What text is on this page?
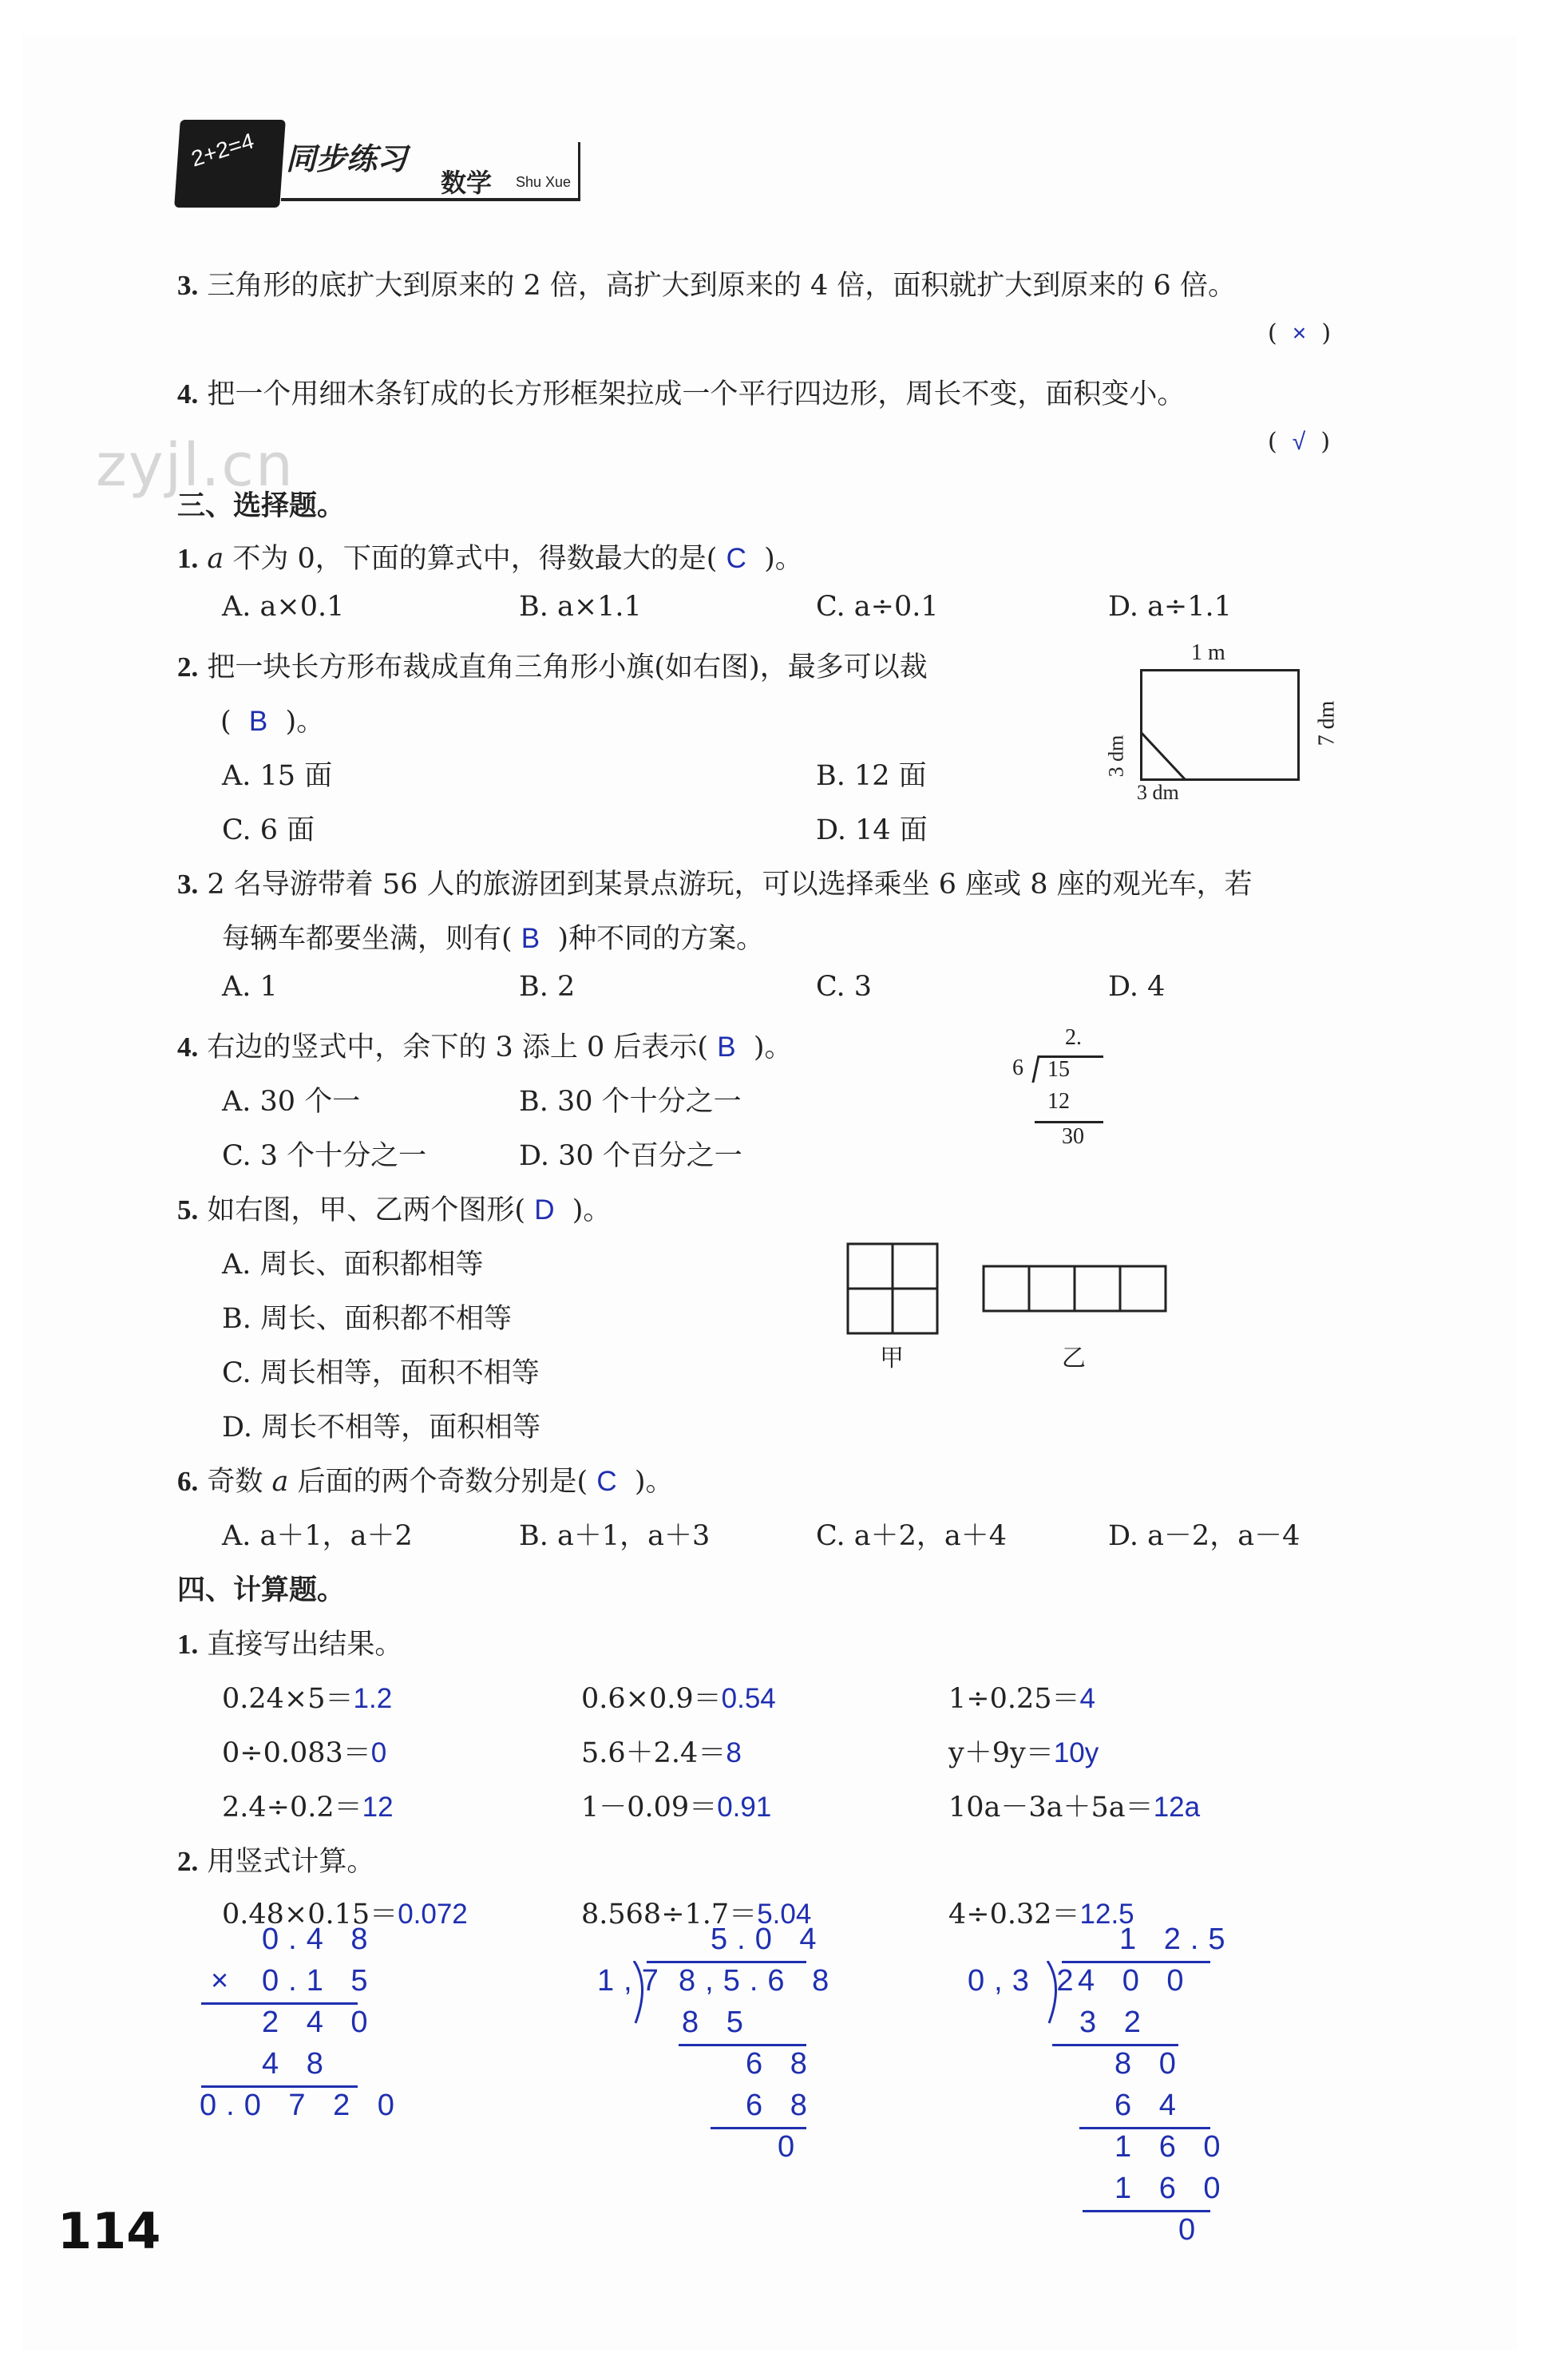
2+2=4 同步练习
数学 Shu Xue
zyjl.cn
3. 三角形的底扩大到原来的 2 倍，高扩大到原来的 4 倍，面积就扩大到原来的 6 倍。
( × )
4. 把一个用细木条钉成的长方形框架拉成一个平行四边形，周长不变，面积变小。
( √ )
三、选择题。
1. a 不为 0，下面的算式中，得数最大的是( C )。
A. a×0.1	B. a×1.1	C. a÷0.1	D. a÷1.1
2. 把一块长方形布裁成直角三角形小旗(如右图)，最多可以裁
( B )。
A. 15 面	B. 12 面
C. 6 面	D. 14 面
1 m
7 dm
3 dm
3 dm
3. 2 名导游带着 56 人的旅游团到某景点游玩，可以选择乘坐 6 座或 8 座的观光车，若
每辆车都要坐满，则有( B )种不同的方案。
A. 1	B. 2	C. 3	D. 4
4. 右边的竖式中，余下的 3 添上 0 后表示( B )。
A. 30 个一	B. 30 个十分之一
C. 3 个十分之一	D. 30 个百分之一
2.
6 15
12
30
5. 如右图，甲、乙两个图形( D )。
A. 周长、面积都相等
B. 周长、面积都不相等
C. 周长相等，面积不相等
D. 周长不相等，面积相等
甲	乙
6. 奇数 a 后面的两个奇数分别是( C )。
A. a＋1，a＋2	B. a＋1，a＋3	C. a＋2，a＋4	D. a－2，a－4
四、计算题。
1. 直接写出结果。
0.24×5＝1.2	0.6×0.9＝0.54	1÷0.25＝4
0÷0.083＝0	5.6＋2.4＝8	y＋9y＝10y
2.4÷0.2＝12	1－0.09＝0.91	10a－3a＋5a＝12a
2. 用竖式计算。
0.48×0.15＝0.072	8.568÷1.7＝5.04	4÷0.32＝12.5
0.4 8
× 0.1 5
2 4 0
4 8
0.0 7 2 0
5.0 4
1,7 8,5.6 8
8 5
6 8
6 8
0
1 2.5
0,3 2
4 0 0
3 2
8 0
6 4
1 6 0
1 6 0
0
114
